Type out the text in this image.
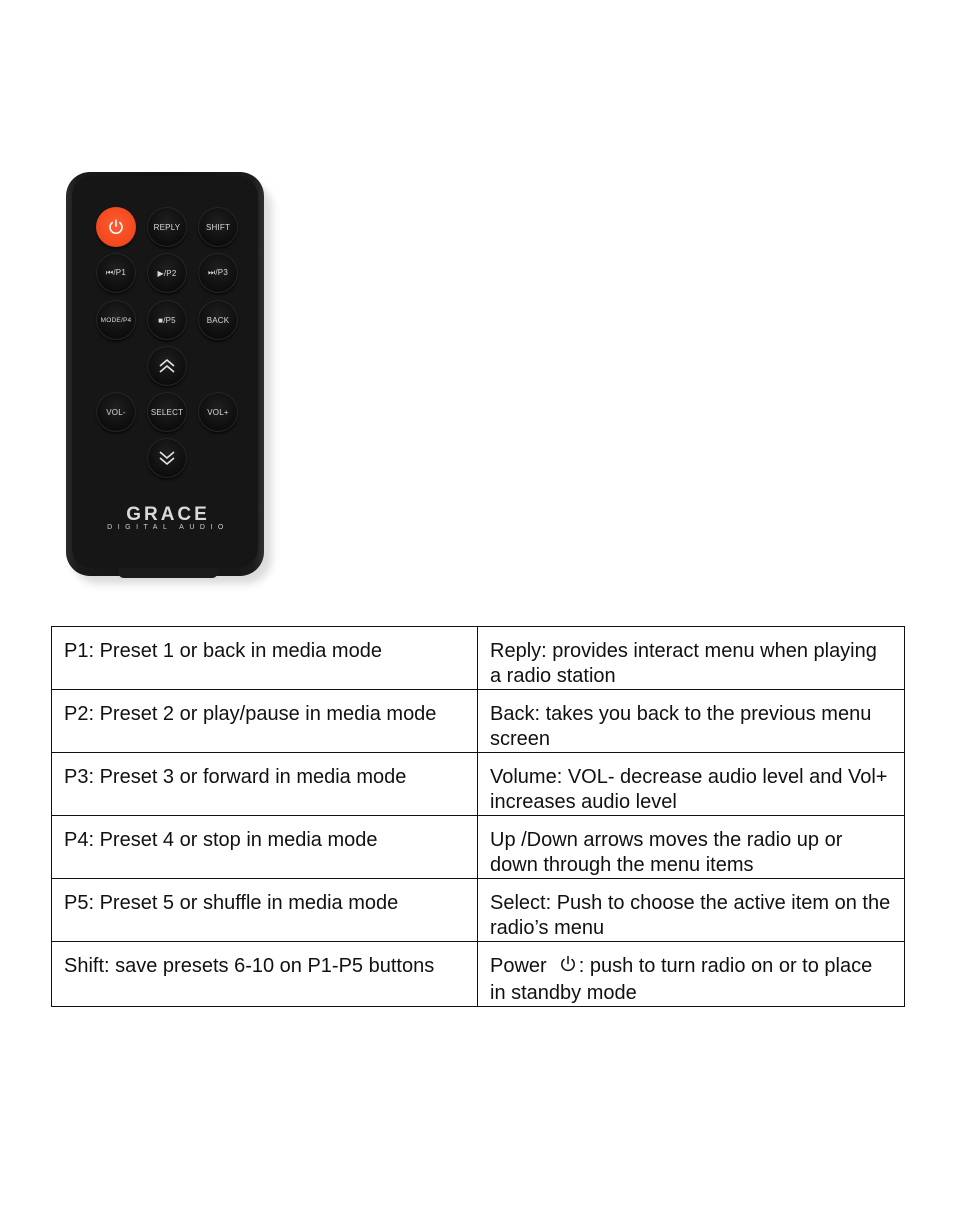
REPLY	SHIFT
⏮/P1	▶/P2	⏭/P3
MODE/P4	■/P5	BACK
VOL-	SELECT	VOL+
GRACE
DIGITAL AUDIO
P1: Preset 1 or back in media mode	Reply: provides interact menu when playing a radio station
P2: Preset 2 or play/pause in media mode	Back: takes you back to the previous menu screen
P3: Preset 3 or forward in media mode	Volume: VOL- decrease audio level and Vol+ increases audio level
P4: Preset 4 or stop in media mode	Up /Down arrows moves the radio up or down through the menu items
P5: Preset 5 or shuffle in media mode	Select: Push to choose the active item on the radio’s menu
Shift: save presets 6-10 on P1-P5 buttons	Power : push to turn radio on or to place in standby mode
